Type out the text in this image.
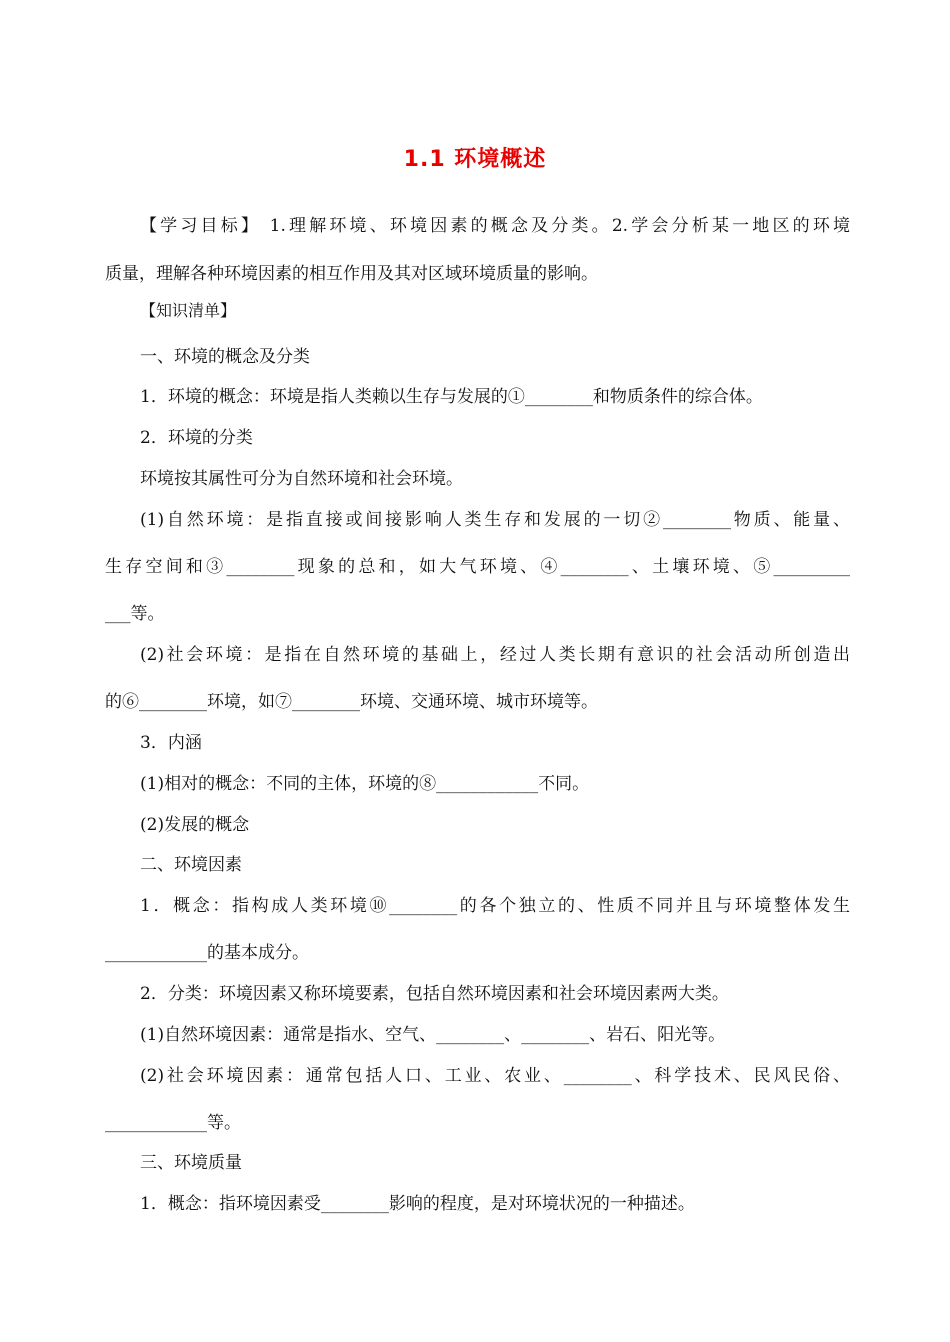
1.1 环境概述
【学习目标】 1.理解环境、环境因素的概念及分类。2.学会分析某一地区的环境
质量，理解各种环境因素的相互作用及其对区域环境质量的影响。
【知识清单】
一、环境的概念及分类
1．环境的概念：环境是指人类赖以生存与发展的①________和物质条件的综合体。
2．环境的分类
环境按其属性可分为自然环境和社会环境。
(1)自然环境：是指直接或间接影响人类生存和发展的一切②________物质、能量、
生存空间和③________现象的总和，如大气环境、④________、土壤环境、⑤_________
___等。
(2)社会环境：是指在自然环境的基础上，经过人类长期有意识的社会活动所创造出
的⑥________环境，如⑦________环境、交通环境、城市环境等。
3．内涵
(1)相对的概念：不同的主体，环境的⑧____________不同。
(2)发展的概念
二、环境因素
1．概念：指构成人类环境⑩________的各个独立的、性质不同并且与环境整体发生
____________的基本成分。
2．分类：环境因素又称环境要素，包括自然环境因素和社会环境因素两大类。
(1)自然环境因素：通常是指水、空气、________、________、岩石、阳光等。
(2)社会环境因素：通常包括人口、工业、农业、________、科学技术、民风民俗、
____________等。
三、环境质量
1．概念：指环境因素受________影响的程度，是对环境状况的一种描述。
